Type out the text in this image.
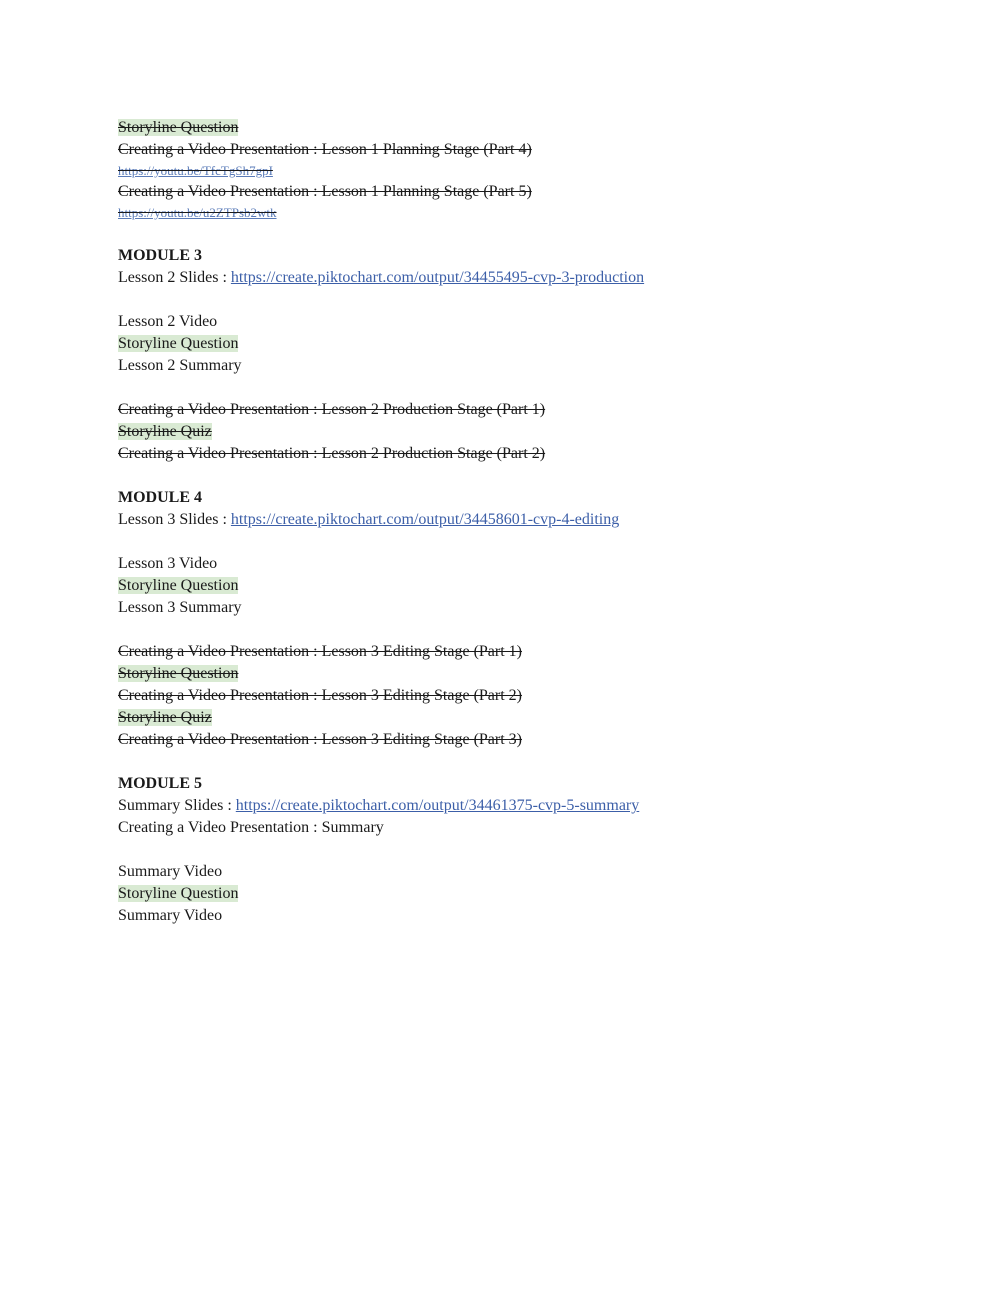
Storyline Question
Creating a Video Presentation : Lesson 1 Planning Stage (Part 4)
https://youtu.be/TfcTgSh7gpI
Creating a Video Presentation : Lesson 1 Planning Stage (Part 5)
https://youtu.be/u2ZTPsb2wtk
MODULE 3
Lesson 2 Slides : https://create.piktochart.com/output/34455495-cvp-3-production
Lesson 2 Video
Storyline Question
Lesson 2 Summary
Creating a Video Presentation : Lesson 2 Production Stage (Part 1)
Storyline Quiz
Creating a Video Presentation : Lesson 2 Production Stage (Part 2)
MODULE 4
Lesson 3 Slides : https://create.piktochart.com/output/34458601-cvp-4-editing
Lesson 3 Video
Storyline Question
Lesson 3 Summary
Creating a Video Presentation : Lesson 3 Editing Stage (Part 1)
Storyline Question
Creating a Video Presentation : Lesson 3 Editing Stage (Part 2)
Storyline Quiz
Creating a Video Presentation : Lesson 3 Editing Stage (Part 3)
MODULE 5
Summary Slides : https://create.piktochart.com/output/34461375-cvp-5-summary
Creating a Video Presentation : Summary
Summary Video
Storyline Question
Summary Video
